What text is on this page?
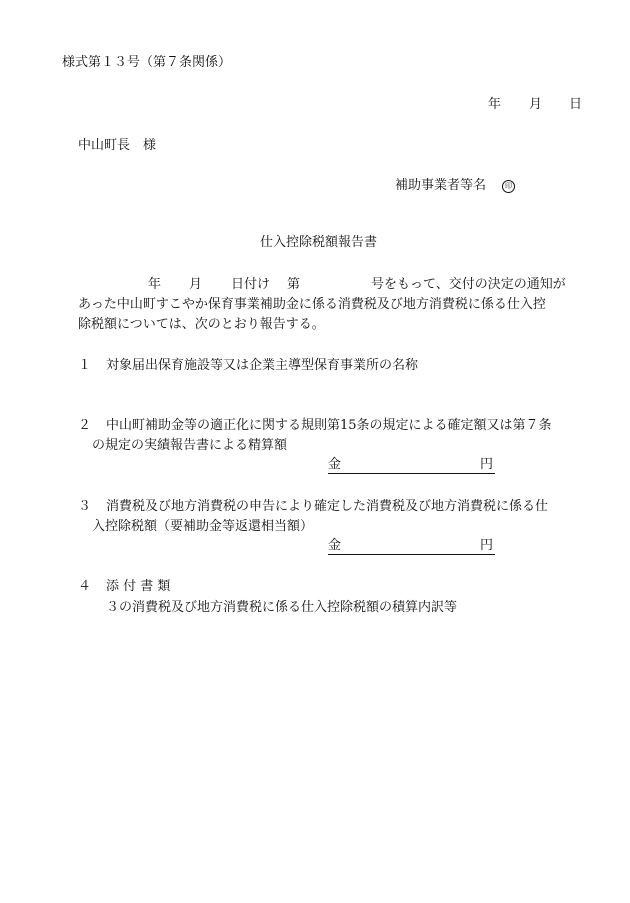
様式第１３号（第７条関係）
年 月 日
中山町長　様
補助事業者等名	印
仕入控除税額報告書
年 月 日付け 第	号をもって、交付の決定の通知が
あった中山町すこやか保育事業補助金に係る消費税及び地方消費税に係る仕入控
除税額については、次のとおり報告する。
１ 対象届出保育施設等又は企業主導型保育事業所の名称
２ 中山町補助金等の適正化に関する規則第15条の規定による確定額又は第７条
の規定の実績報告書による精算額
金	円
３ 消費税及び地方消費税の申告により確定した消費税及び地方消費税に係る仕
入控除税額（要補助金等返還相当額）
金	円
４ 添 付 書 類
３の消費税及び地方消費税に係る仕入控除税額の積算内訳等
